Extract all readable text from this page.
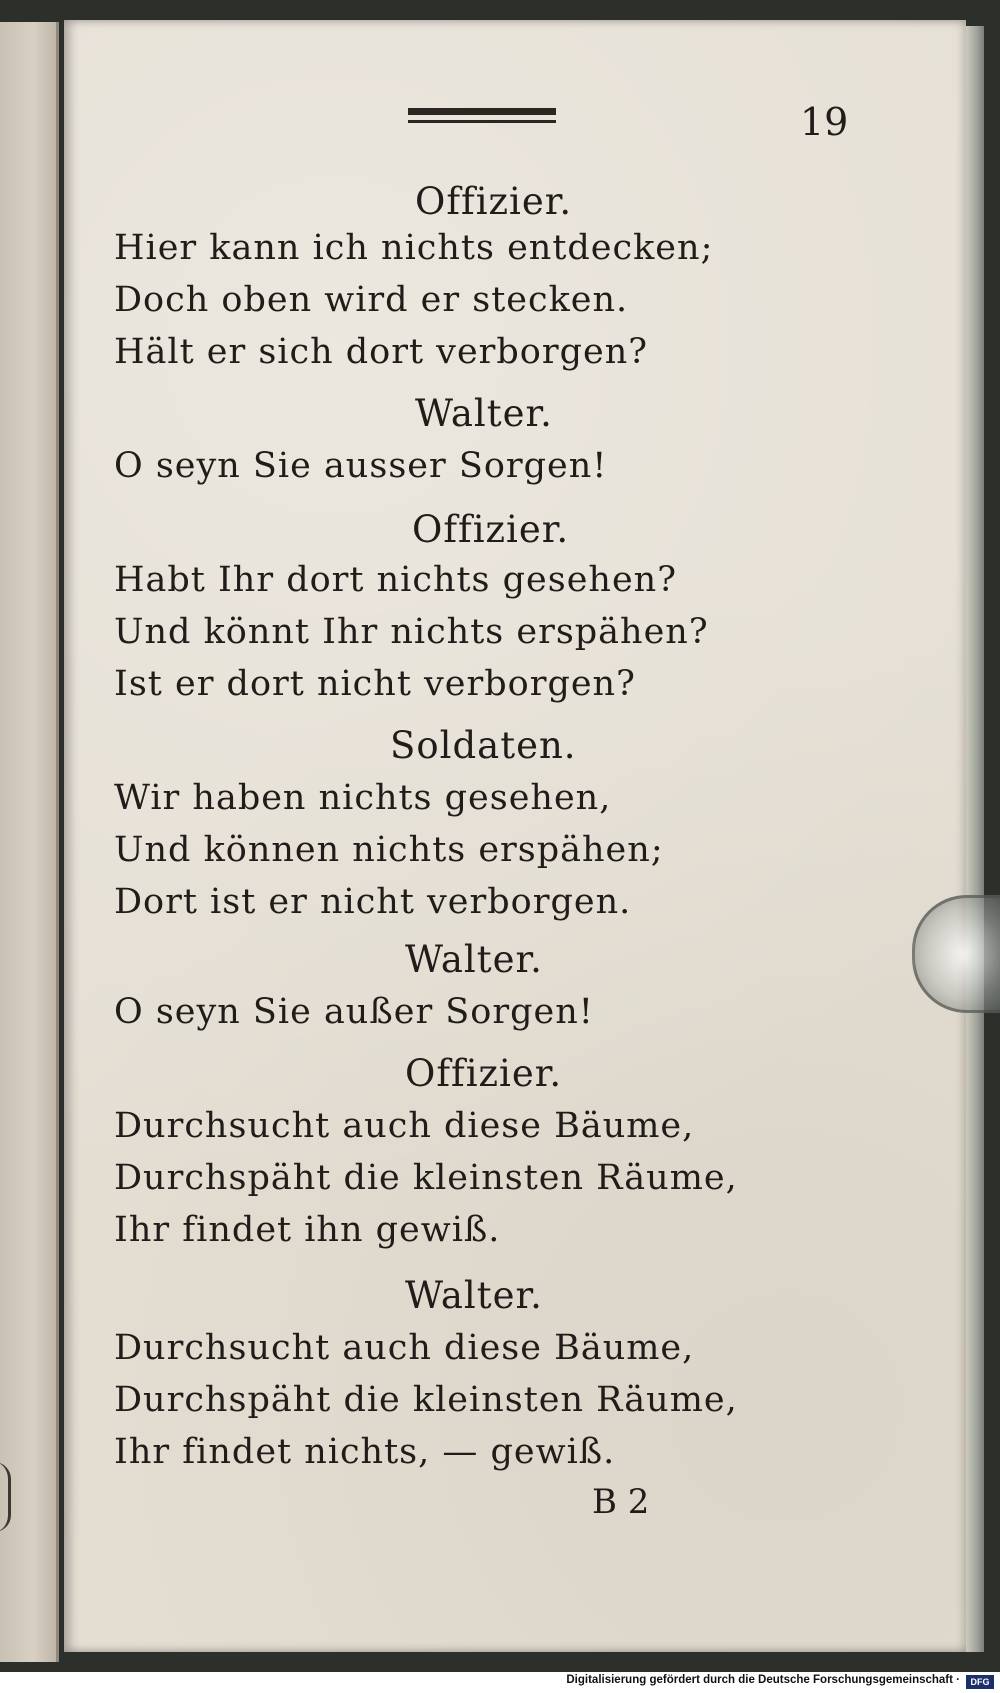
19
Offizier.
Hier kann ich nichts entdecken;
Doch oben wird er stecken.
Hält er sich dort verborgen?
Walter.
O seyn Sie ausser Sorgen!
Offizier.
Habt Ihr dort nichts gesehen?
Und könnt Ihr nichts erspähen?
Ist er dort nicht verborgen?
Soldaten.
Wir haben nichts gesehen,
Und können nichts erspähen;
Dort ist er nicht verborgen.
Walter.
O seyn Sie außer Sorgen!
Offizier.
Durchsucht auch diese Bäume,
Durchspäht die kleinsten Räume,
Ihr findet ihn gewiß.
Walter.
Durchsucht auch diese Bäume,
Durchspäht die kleinsten Räume,
Ihr findet nichts, — gewiß.
B 2
Digitalisierung gefördert durch die Deutsche Forschungsgemeinschaft ·	DFG
